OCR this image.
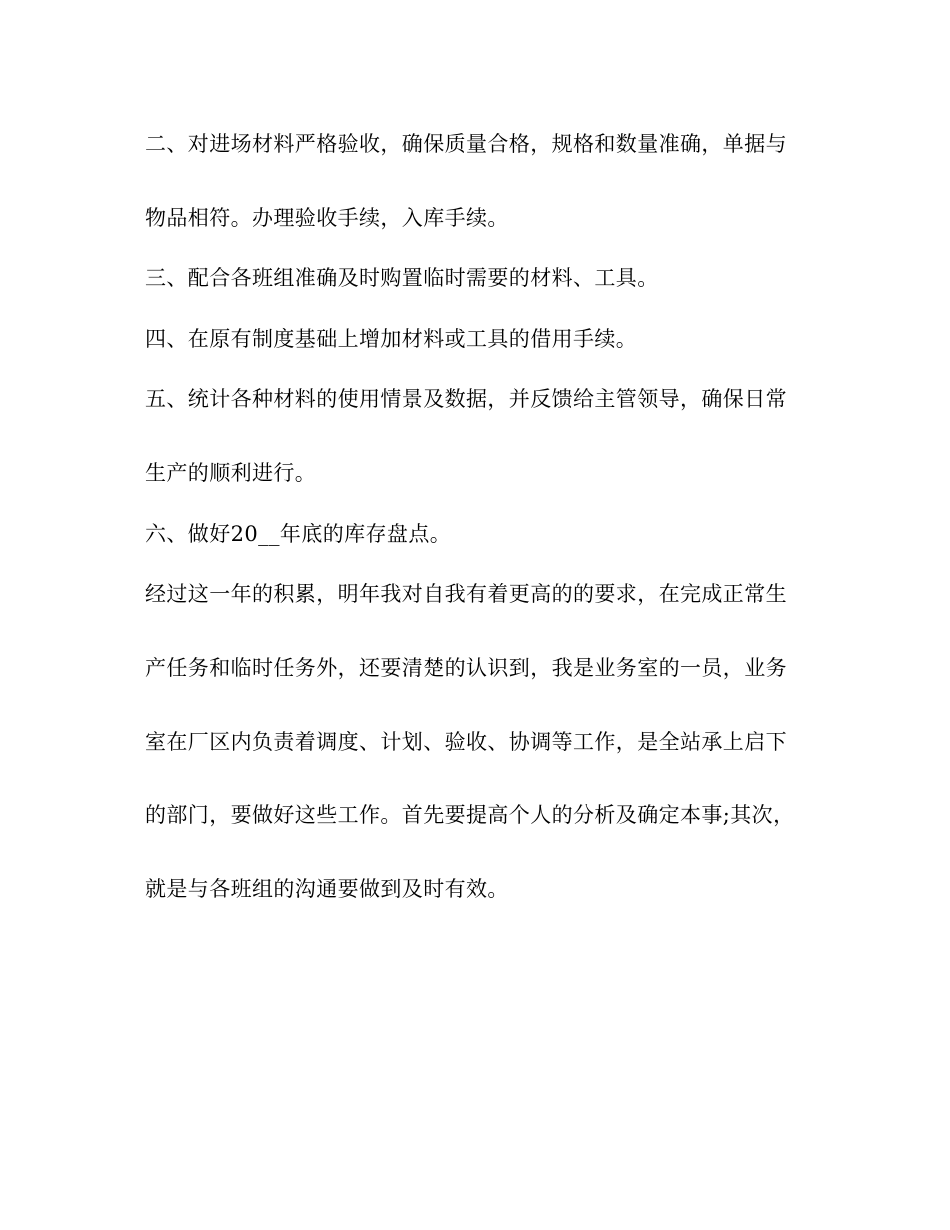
二、对进场材料严格验收，确保质量合格，规格和数量准确，单据与
物品相符。办理验收手续，入库手续。
三、配合各班组准确及时购置临时需要的材料、工具。
四、在原有制度基础上增加材料或工具的借用手续。
五、统计各种材料的使用情景及数据，并反馈给主管领导，确保日常
生产的顺利进行。
六、做好20__年底的库存盘点。
经过这一年的积累，明年我对自我有着更高的的要求，在完成正常生
产任务和临时任务外，还要清楚的认识到，我是业务室的一员，业务
室在厂区内负责着调度、计划、验收、协调等工作，是全站承上启下
的部门，要做好这些工作。首先要提高个人的分析及确定本事;其次，
就是与各班组的沟通要做到及时有效。
